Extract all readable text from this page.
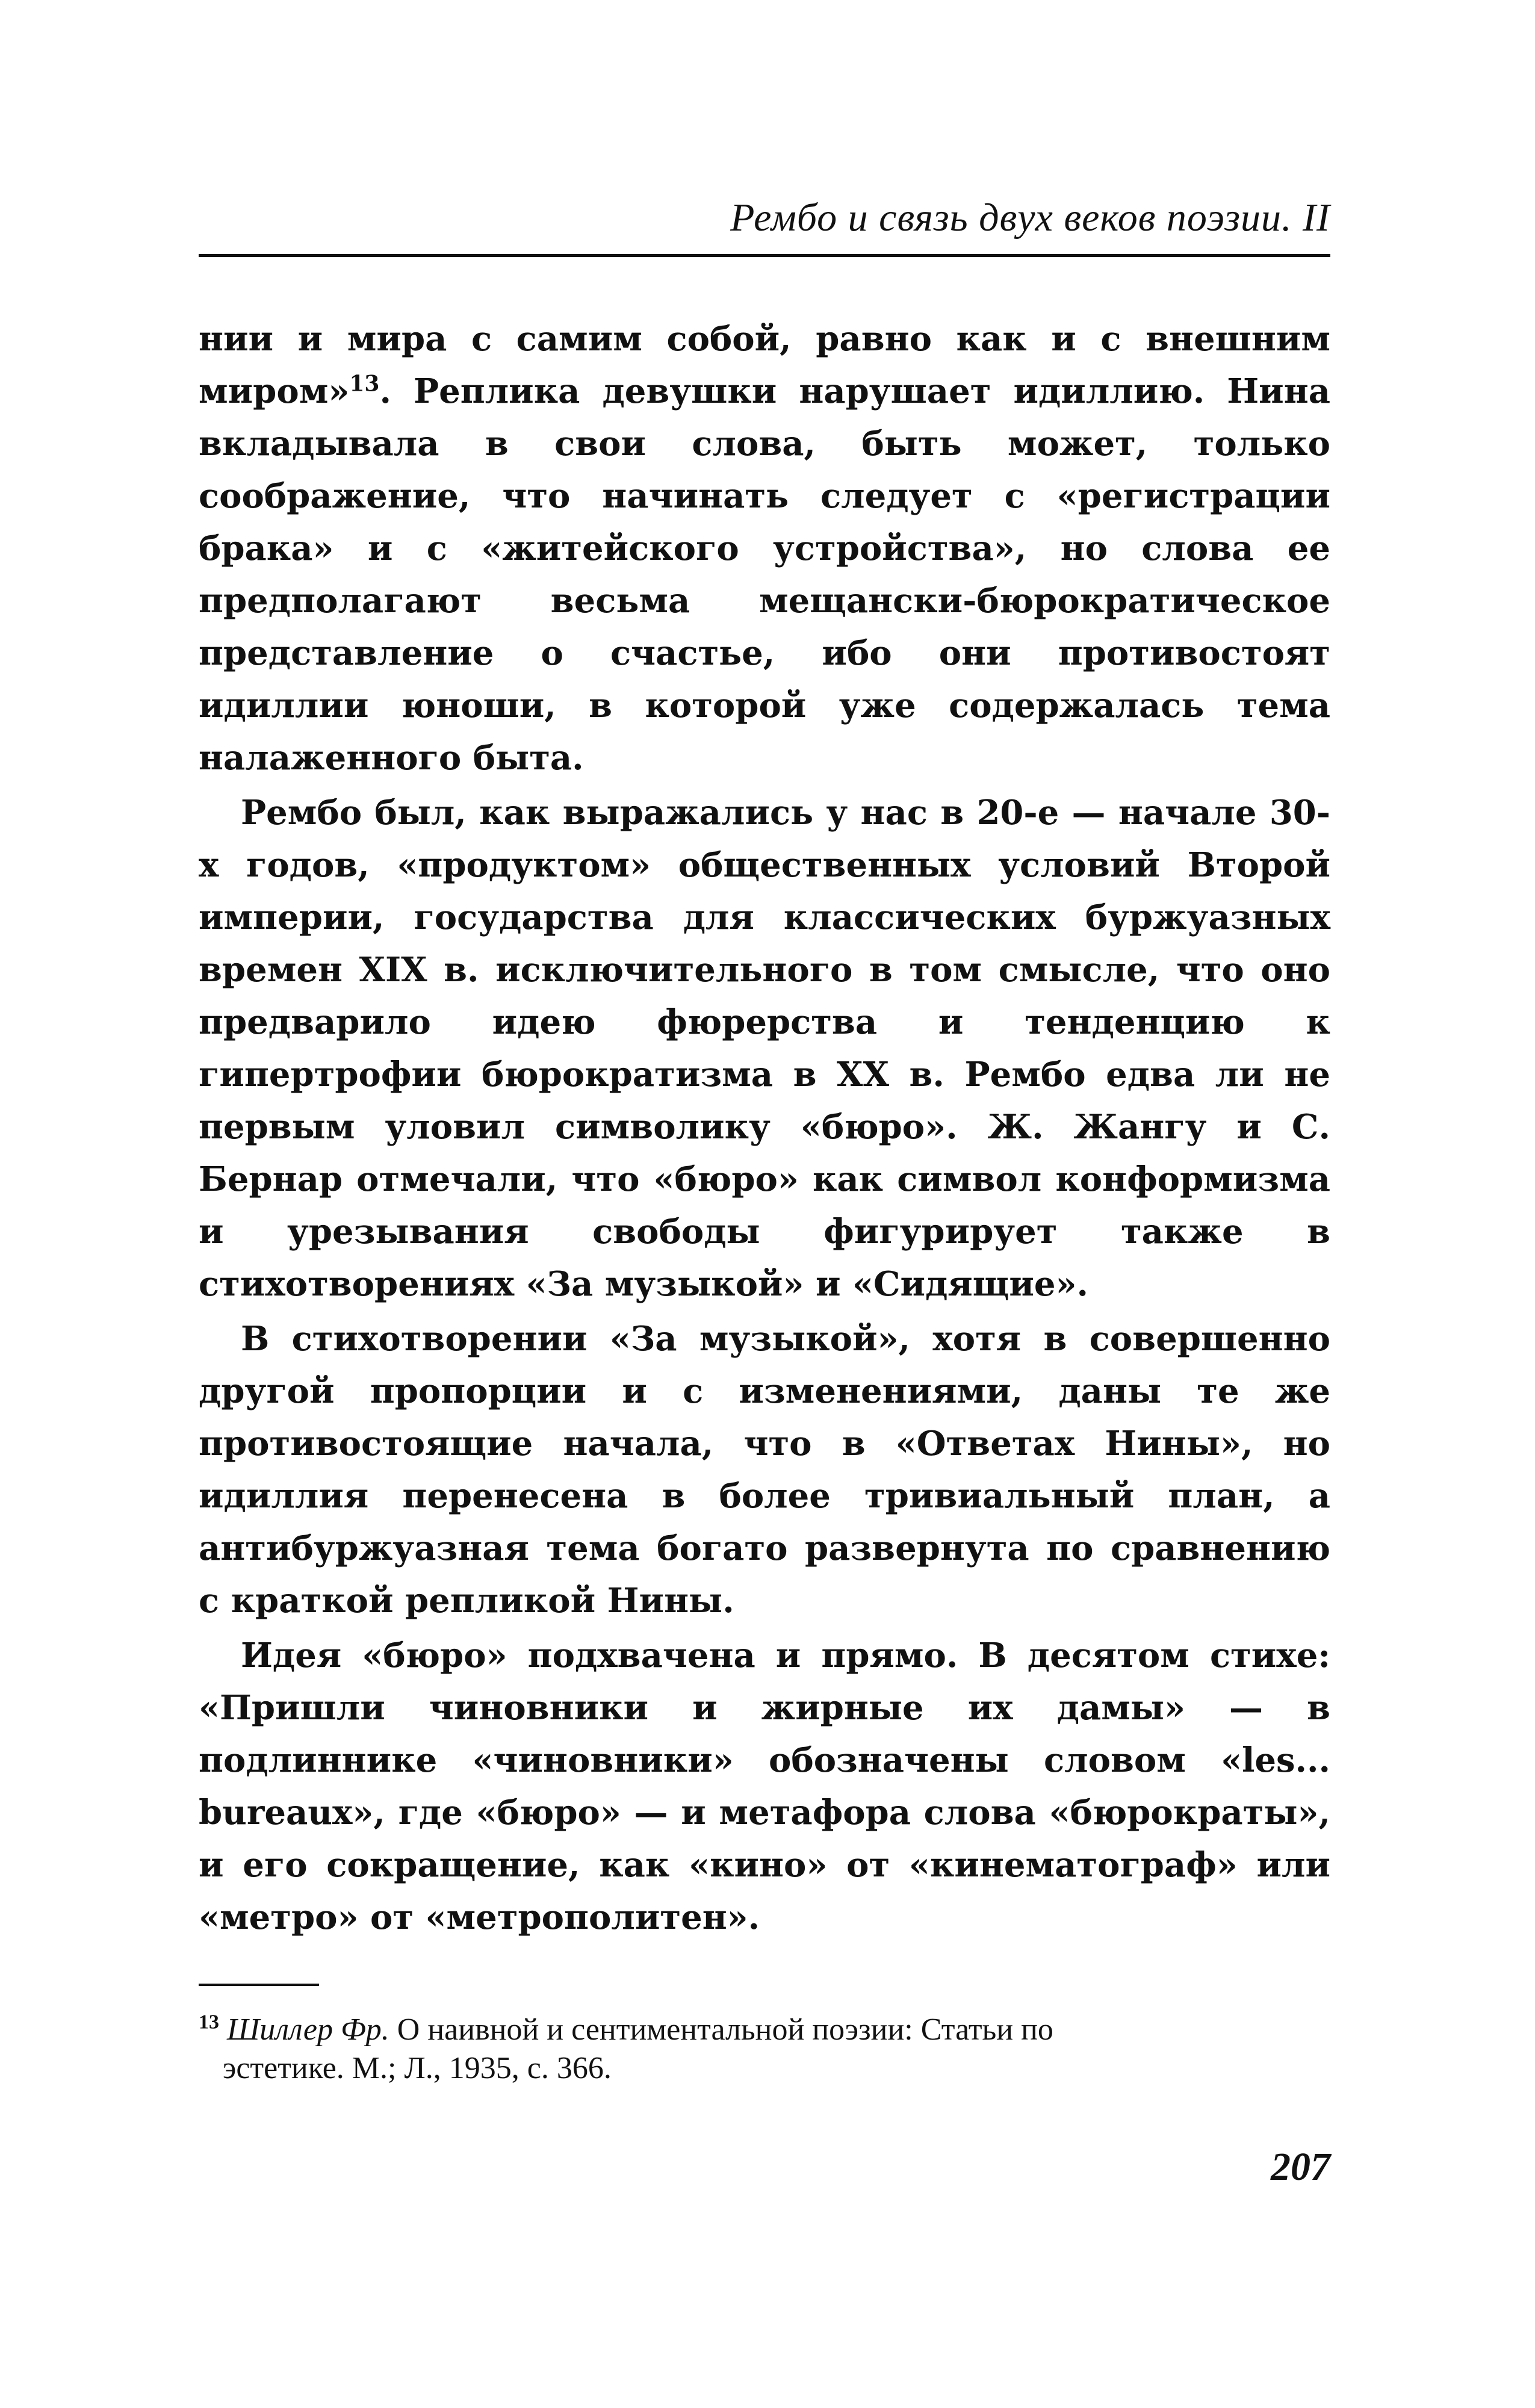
Рембо и связь двух веков поэзии. II

нии и мира с самим собой, равно как и с внешним миром»$^{13}$. Реплика девушки нарушает идиллию. Нина вкладывала в свои слова, быть может, только соображение, что начинать следует с «регистрации брака» и с «житейского устройства», но слова ее предполагают весьма мещански-бюрократическое представление о счастье, ибо они противостоят идиллии юноши, в которой уже содержалась тема налаженного быта.

Рембо был, как выражались у нас в 20-е — начале 30-х годов, «продуктом» общественных условий Второй империи, государства для классических буржуазных времен XIX в. исключительного в том смысле, что оно предварило идею фюрерства и тенденцию к гипертрофии бюрократизма в XX в. Рембо едва ли не первым уловил символику «бюро». Ж. Жангу и С. Бернар отмечали, что «бюро» как символ конформизма и урезывания свободы фигурирует также в стихотворениях «За музыкой» и «Сидящие».

В стихотворении «За музыкой», хотя в совершенно другой пропорции и с изменениями, даны те же противостоящие начала, что в «Ответах Нины», но идиллия перенесена в более тривиальный план, а антибуржуазная тема богато развернута по сравнению с краткой репликой Нины.

Идея «бюро» подхвачена и прямо. В десятом стихе: «Пришли чиновники и жирные их дамы» — в подлиннике «чиновники» обозначены словом «les... bureaux», где «бюро» — и метафора слова «бюрократы», и его сокращение, как «кино» от «кинематограф» или «метро» от «метрополитен».

$^{13}$ Шиллер Фр. О наивной и сентиментальной поэзии: Статьи по
эстетике. М.; Л., 1935, с. 366.
207
